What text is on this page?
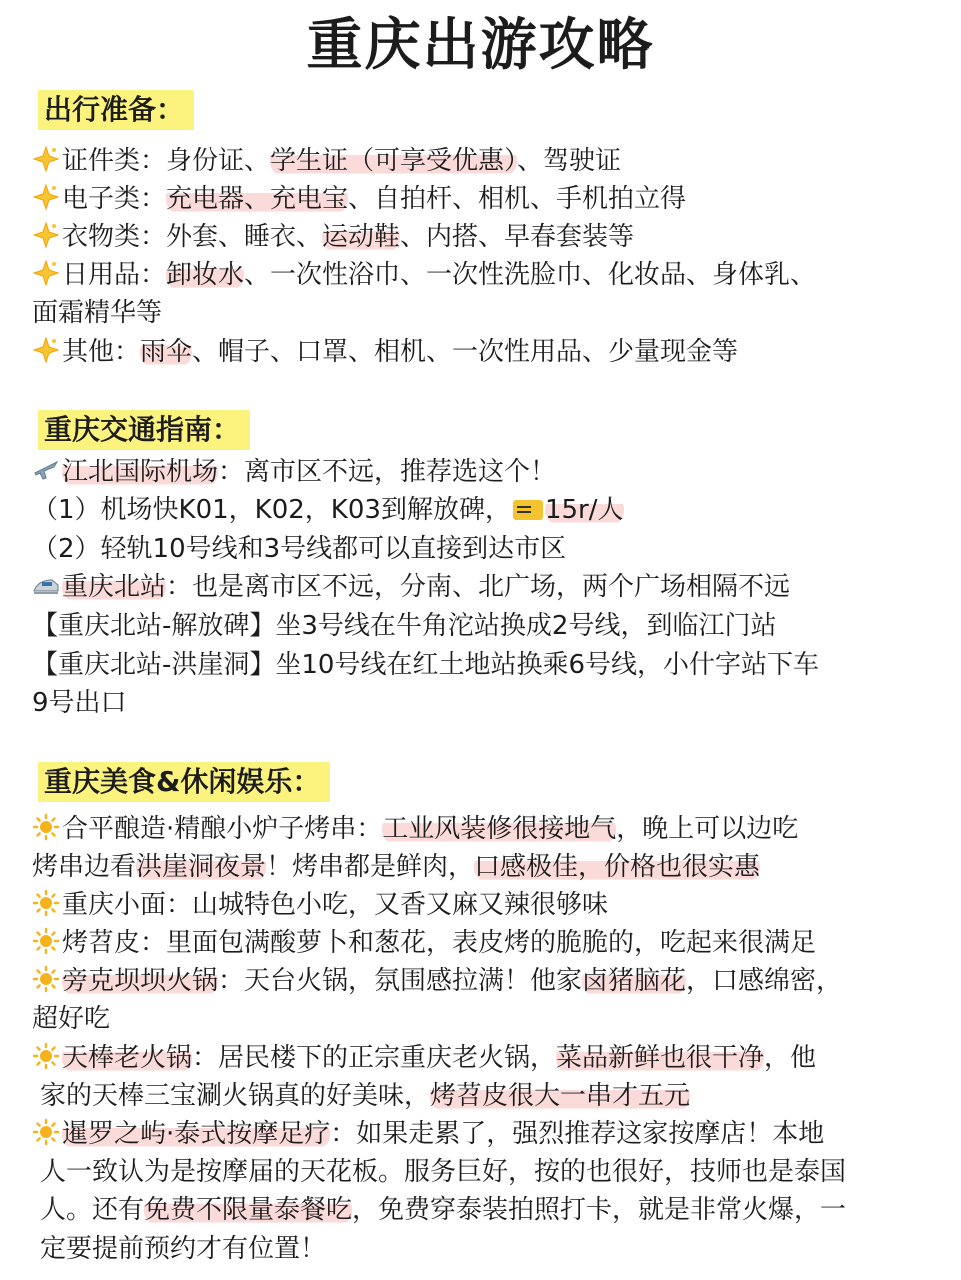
重庆出游攻略
出行准备：
证件类：身份证、学生证（可享受优惠）、驾驶证
电子类：充电器、充电宝、自拍杆、相机、手机拍立得
衣物类：外套、睡衣、运动鞋、内搭、早春套装等
日用品：卸妆水、一次性浴巾、一次性洗脸巾、化妆品、身体乳、
面霜精华等
其他：雨伞、帽子、口罩、相机、一次性用品、少量现金等
重庆交通指南：
江北国际机场：离市区不远，推荐选这个！
（1）机场快K01，K02，K03到解放碑， 15r/人
（2）轻轨10号线和3号线都可以直接到达市区
重庆北站：也是离市区不远，分南、北广场，两个广场相隔不远
【重庆北站-解放碑】坐3号线在牛角沱站换成2号线，到临江门站
【重庆北站-洪崖洞】坐10号线在红土地站换乘6号线，小什字站下车
9号出口
重庆美食&休闲娱乐：
合平酿造·精酿小炉子烤串：工业风装修很接地气，晚上可以边吃
烤串边看洪崖洞夜景！烤串都是鲜肉，口感极佳，价格也很实惠
重庆小面：山城特色小吃，又香又麻又辣很够味
烤苕皮：里面包满酸萝卜和葱花，表皮烤的脆脆的，吃起来很满足
旁克坝坝火锅：天台火锅，氛围感拉满！他家卤猪脑花，口感绵密，
超好吃
天棒老火锅：居民楼下的正宗重庆老火锅，菜品新鲜也很干净，他
家的天棒三宝涮火锅真的好美味，烤苕皮很大一串才五元
暹罗之屿·泰式按摩足疗：如果走累了，强烈推荐这家按摩店！本地
人一致认为是按摩届的天花板。服务巨好，按的也很好，技师也是泰国
人。还有免费不限量泰餐吃，免费穿泰装拍照打卡，就是非常火爆，一
定要提前预约才有位置！
